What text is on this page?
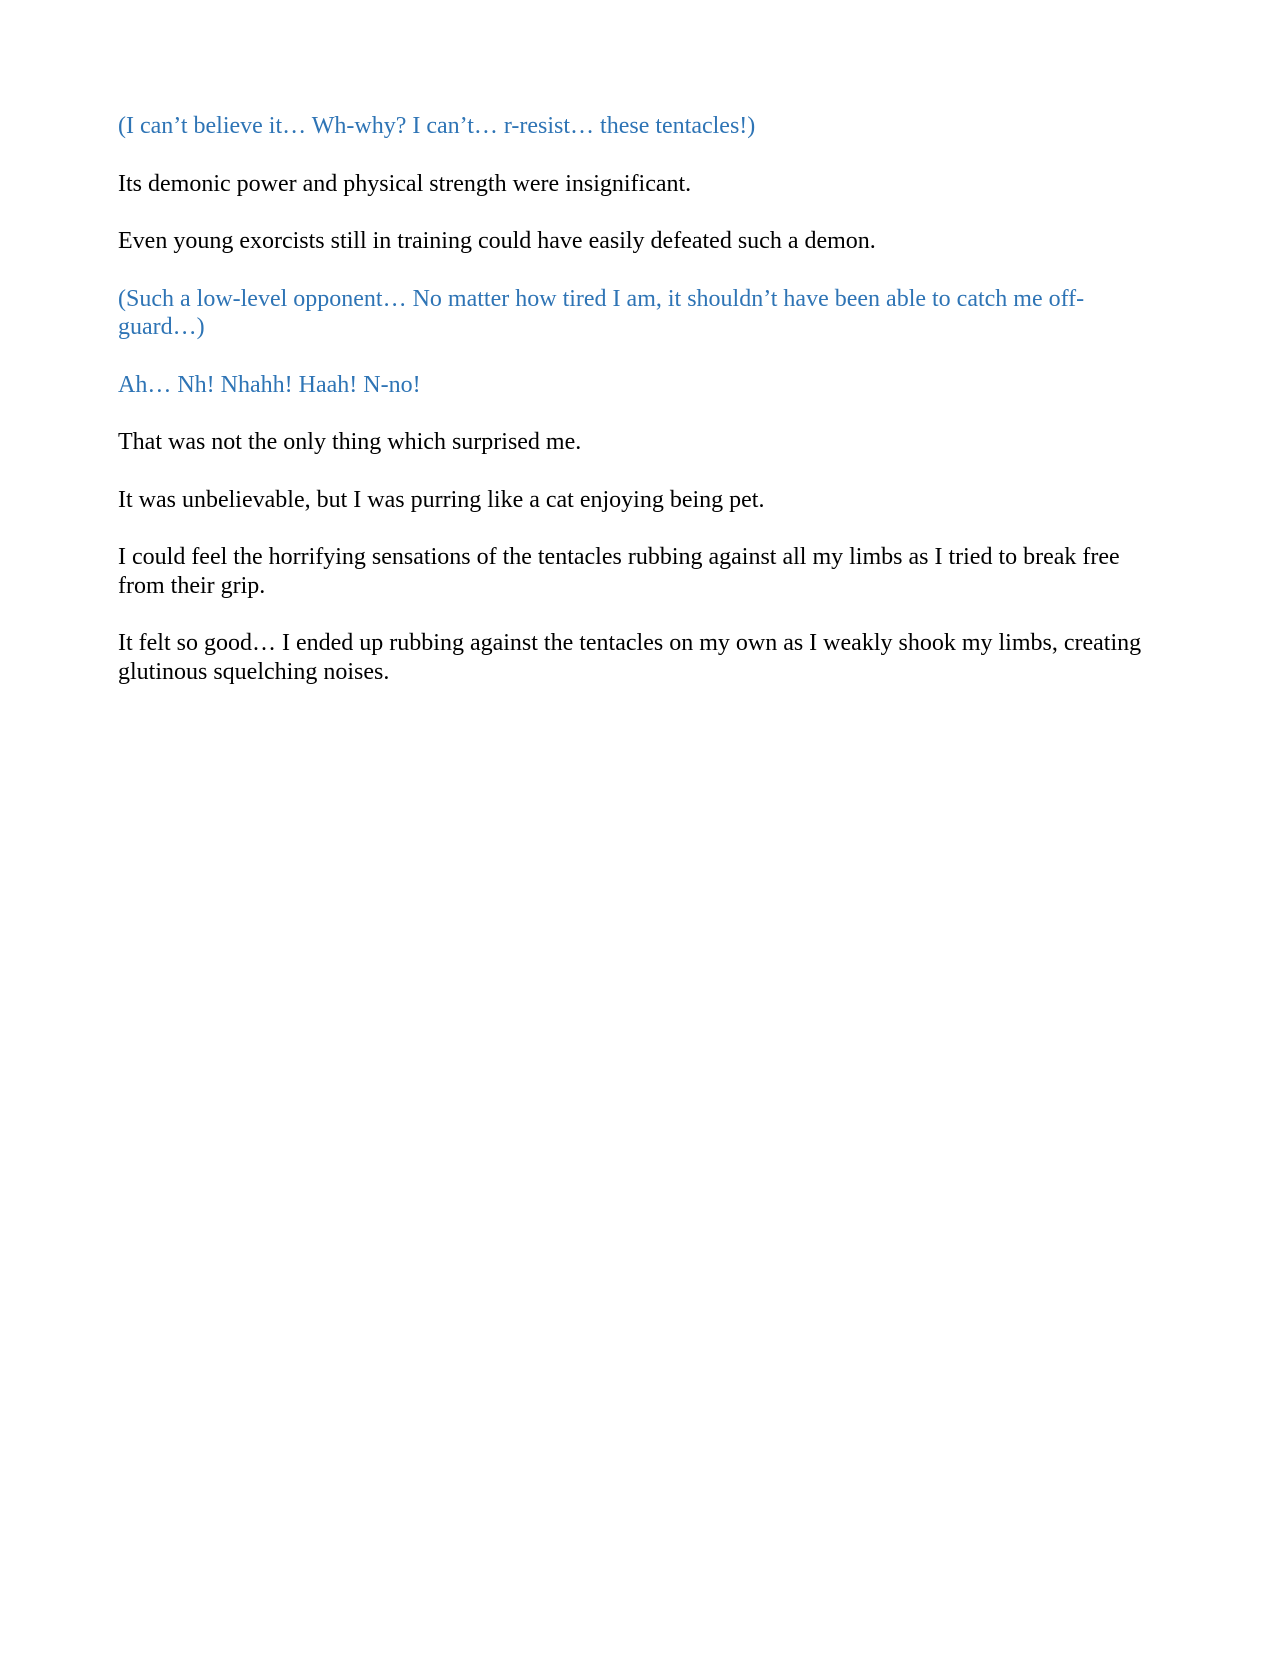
(I can’t believe it… Wh-why? I can’t… r-resist… these tentacles!)

Its demonic power and physical strength were insignificant.

Even young exorcists still in training could have easily defeated such a demon.

(Such a low-level opponent… No matter how tired I am, it shouldn’t have been able to catch me off-guard…)

Ah… Nh! Nhahh! Haah! N-no!

That was not the only thing which surprised me.

It was unbelievable, but I was purring like a cat enjoying being pet.

I could feel the horrifying sensations of the tentacles rubbing against all my limbs as I tried to break free from their grip.

It felt so good… I ended up rubbing against the tentacles on my own as I weakly shook my limbs, creating glutinous squelching noises.
